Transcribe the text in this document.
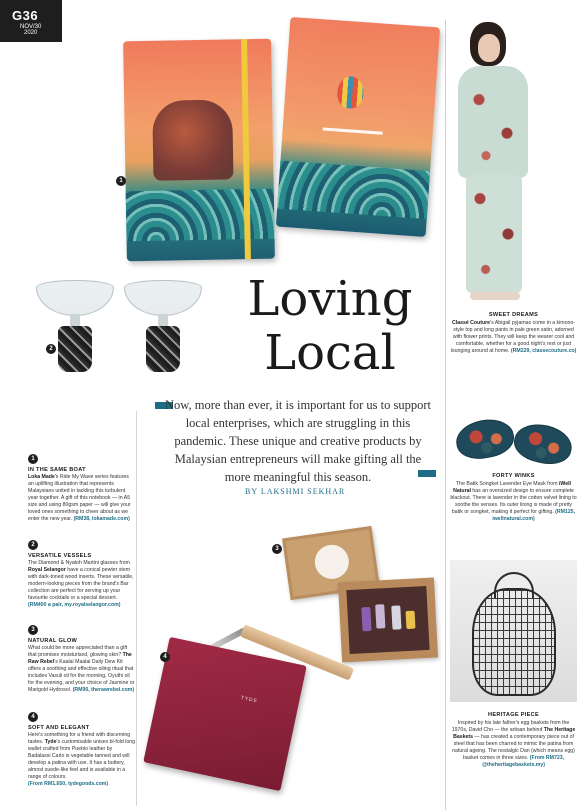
G36
NOV/30
2020
1
2
Loving
Local
Now, more than ever, it is important for us to support local enterprises, which are struggling in this pandemic. These unique and creative products by Malaysian entrepreneurs will make gifting all the more meaningful this season.
BY LAKSHMI SEKHAR
1
IN THE SAME BOAT
Loka Made's Ride My Wave series features an uplifting illustration that represents Malaysians united in tackling this turbulent year together. A gift of this notebook — in A5 size and using 80gsm paper — will give your loved ones something to cheer about as we enter the new year. (RM38, lokamade.com)
2
VERSATILE VESSELS
The Diamond & Nyatoh Martini glasses from Royal Selangor have a conical pewter stem with dark-toned wood inserts. These versatile, modern-looking pieces from the brand's Bar collection are perfect for serving up your favourite cocktails or a special dessert.
(RM400 a pair, my.royalselangor.com)
3
NATURAL GLOW
What could be more appreciated than a gift that promises moisturised, glowing skin? The Raw Rebel's Kaalai Maalai Daily Dew Kit offers a soothing and effective oiling ritual that includes Vasuli oil for the morning, Oyuthi oil for the evening, and your choice of Jasmine or Marigold Hydrosol. (RM90, therawrebel.com)
4
SOFT AND ELEGANT
Here's something for a friend with discerning tastes. Tyde's customisable unisex bi-fold long wallet crafted from Pueblo leather by Badalassi Carlo is vegetable tanned and will develop a patina with use. It has a buttery, almost suede-like feel and is available in a range of colours.
(From RM1,650, tydegoods.com)
3
TYDE
4
SWEET DREAMS
Classé Couture's Abigail pyjamas come in a kimono-style top and long pants in pale green satin, adorned with flower prints. They will keep the wearer cool and comfortable, whether for a good night's rest or just lounging around at home. (RM229, classecouture.co)
FORTY WINKS
The Batik Songket Lavender Eye Mask from iWell Natural has an oversized design to ensure complete blackout. There is lavender in the cotton velvet lining to soothe the senses. Its outer lining is made of pretty batik or songket, making it perfect for gifting. (RM125, iwellnatural.com)
HERITAGE PIECE
Inspired by his late father's egg baskets from the 1970s, David Cho — the artisan behind The Heritage Baskets — has created a contemporary piece out of steel that has been charred to mimic the patina from natural ageing. The nostalgic Dan (which means egg) basket comes in three sizes. (From RM723, @theheritagebaskets.my)
